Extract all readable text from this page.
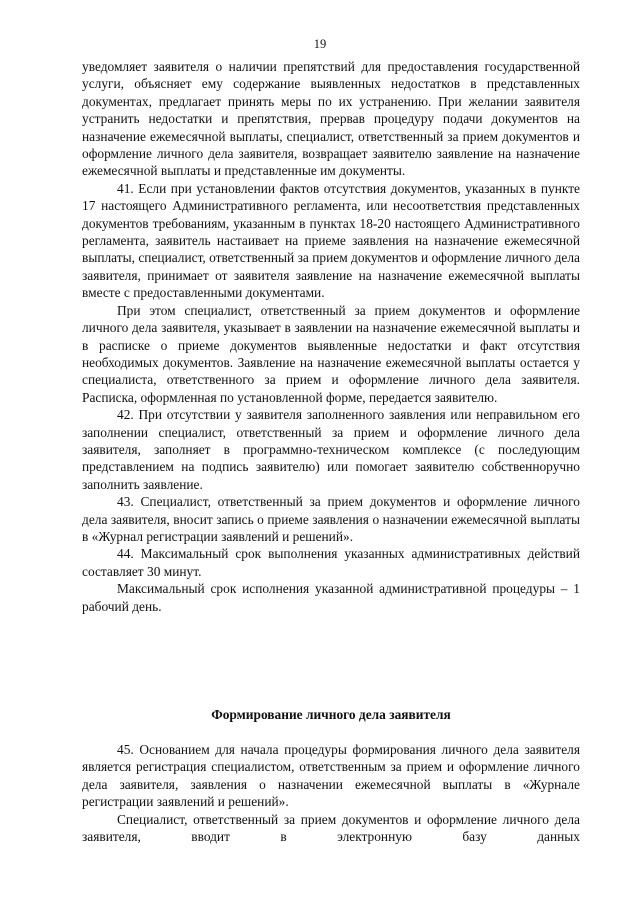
19

уведомляет заявителя о наличии препятствий для предоставления государственной услуги, объясняет ему содержание выявленных недостатков в представленных документах, предлагает принять меры по их устранению. При желании заявителя устранить недостатки и препятствия, прервав процедуру подачи документов на назначение ежемесячной выплаты, специалист, ответственный за прием документов и оформление личного дела заявителя, возвращает заявителю заявление на назначение ежемесячной выплаты и представленные им документы.

41. Если при установлении фактов отсутствия документов, указанных в пункте 17 настоящего Административного регламента, или несоответствия представленных документов требованиям, указанным в пунктах 18-20 настоящего Административного регламента, заявитель настаивает на приеме заявления на назначение ежемесячной выплаты, специалист, ответственный за прием документов и оформление личного дела заявителя, принимает от заявителя заявление на назначение ежемесячной выплаты вместе с предоставленными документами.

При этом специалист, ответственный за прием документов и оформление личного дела заявителя, указывает в заявлении на назначение ежемесячной выплаты и в расписке о приеме документов выявленные недостатки и факт отсутствия необходимых документов. Заявление на назначение ежемесячной выплаты остается у специалиста, ответственного за прием и оформление личного дела заявителя. Расписка, оформленная по установленной форме, передается заявителю.

42. При отсутствии у заявителя заполненного заявления или неправильном его заполнении специалист, ответственный за прием и оформление личного дела заявителя, заполняет в программно-техническом комплексе (с последующим представлением на подпись заявителю) или помогает заявителю собственноручно заполнить заявление.

43. Специалист, ответственный за прием документов и оформление личного дела заявителя, вносит запись о приеме заявления о назначении ежемесячной выплаты в «Журнал регистрации заявлений и решений».

44. Максимальный срок выполнения указанных административных действий составляет 30 минут.

Максимальный срок исполнения указанной административной процедуры – 1 рабочий день.

Формирование личного дела заявителя

45. Основанием для начала процедуры формирования личного дела заявителя является регистрация специалистом, ответственным за прием и оформление личного дела заявителя, заявления о назначении ежемесячной выплаты в «Журнале регистрации заявлений и решений».

Специалист, ответственный за прием документов и оформление личного дела заявителя, вводит в электронную базу данных
